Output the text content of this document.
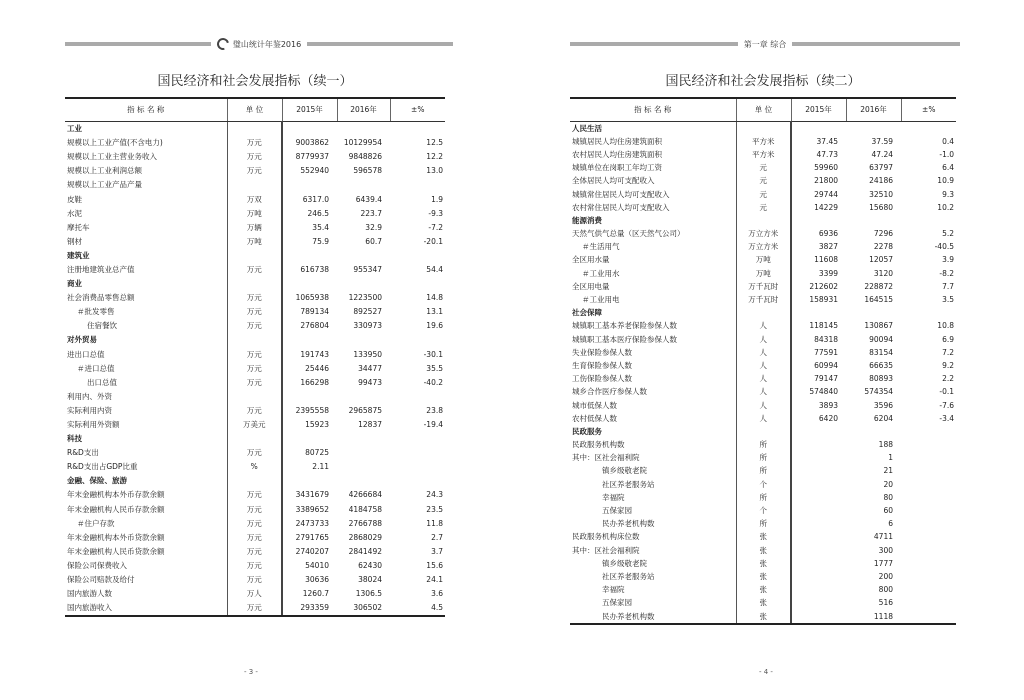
璧山统计年鉴2016
国民经济和社会发展指标（续一）
指 标 名 称	单 位	2015年	2016年	±%
工业				
规模以上工业产值(不含电力)	万元	9003862	10129954	12.5
规模以上工业主营业务收入	万元	8779937	9848826	12.2
规模以上工业利润总额	万元	552940	596578	13.0
规模以上工业产品产量				
皮鞋	万双	6317.0	6439.4	1.9
水泥	万吨	246.5	223.7	-9.3
摩托车	万辆	35.4	32.9	-7.2
钢材	万吨	75.9	60.7	-20.1
建筑业				
注册地建筑业总产值	万元	616738	955347	54.4
商业				
社会消费品零售总额	万元	1065938	1223500	14.8
＃批发零售	万元	789134	892527	13.1
住宿餐饮	万元	276804	330973	19.6
对外贸易				
进出口总值	万元	191743	133950	-30.1
＃进口总值	万元	25446	34477	35.5
出口总值	万元	166298	99473	-40.2
利用内、外资				
实际利用内资	万元	2395558	2965875	23.8
实际利用外资额	万美元	15923	12837	-19.4
科技				
R&D支出	万元	80725		
R&D支出占GDP比重	%	2.11		
金融、保险、旅游				
年末金融机构本外币存款余额	万元	3431679	4266684	24.3
年末金融机构人民币存款余额	万元	3389652	4184758	23.5
＃住户存款	万元	2473733	2766788	11.8
年末金融机构本外币贷款余额	万元	2791765	2868029	2.7
年末金融机构人民币贷款余额	万元	2740207	2841492	3.7
保险公司保费收入	万元	54010	62430	15.6
保险公司赔款及给付	万元	30636	38024	24.1
国内旅游人数	万人	1260.7	1306.5	3.6
国内旅游收入	万元	293359	306502	4.5
- 3 -
第一章 综合
国民经济和社会发展指标（续二）
指 标 名 称	单 位	2015年	2016年	±%
人民生活				
城镇居民人均住房建筑面积	平方米	37.45	37.59	0.4
农村居民人均住房建筑面积	平方米	47.73	47.24	-1.0
城镇单位在岗职工年均工资	元	59960	63797	6.4
全体居民人均可支配收入	元	21800	24186	10.9
城镇常住居民人均可支配收入	元	29744	32510	9.3
农村常住居民人均可支配收入	元	14229	15680	10.2
能源消费				
天然气供气总量（区天然气公司）	万立方米	6936	7296	5.2
＃生活用气	万立方米	3827	2278	-40.5
全区用水量	万吨	11608	12057	3.9
＃工业用水	万吨	3399	3120	-8.2
全区用电量	万千瓦时	212602	228872	7.7
＃工业用电	万千瓦时	158931	164515	3.5
社会保障				
城镇职工基本养老保险参保人数	人	118145	130867	10.8
城镇职工基本医疗保险参保人数	人	84318	90094	6.9
失业保险参保人数	人	77591	83154	7.2
生育保险参保人数	人	60994	66635	9.2
工伤保险参保人数	人	79147	80893	2.2
城乡合作医疗参保人数	人	574840	574354	-0.1
城市低保人数	人	3893	3596	-7.6
农村低保人数	人	6420	6204	-3.4
民政服务				
民政服务机构数	所		188	
其中：区社会福利院	所		1	
镇乡级敬老院	所		21	
社区养老服务站	个		20	
幸福院	所		80	
五保家园	个		60	
民办养老机构数	所		6	
民政服务机构床位数	张		4711	
其中：区社会福利院	张		300	
镇乡级敬老院	张		1777	
社区养老服务站	张		200	
幸福院	张		800	
五保家园	张		516	
民办养老机构数	张		1118	
- 4 -
